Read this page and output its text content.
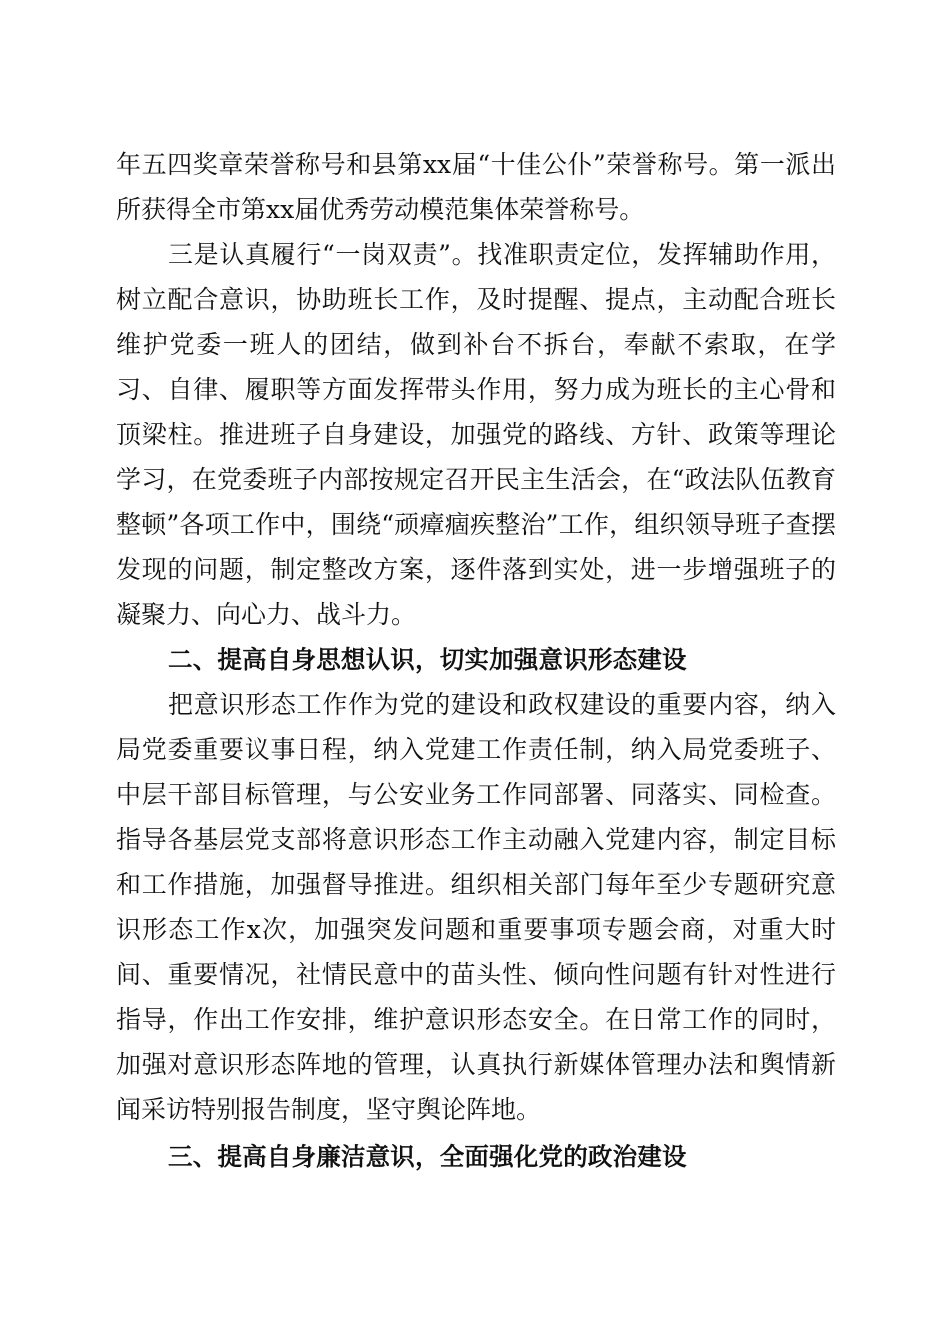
年五四奖章荣誉称号和县第xx届“十佳公仆”荣誉称号。第一派出所获得全市第xx届优秀劳动模范集体荣誉称号。

三是认真履行“一岗双责”。找准职责定位，发挥辅助作用，树立配合意识，协助班长工作，及时提醒、提点，主动配合班长维护党委一班人的团结，做到补台不拆台，奉献不索取，在学习、自律、履职等方面发挥带头作用，努力成为班长的主心骨和顶梁柱。推进班子自身建设，加强党的路线、方针、政策等理论学习，在党委班子内部按规定召开民主生活会，在“政法队伍教育整顿”各项工作中，围绕“顽瘴痼疾整治”工作，组织领导班子查摆发现的问题，制定整改方案，逐件落到实处，进一步增强班子的凝聚力、向心力、战斗力。

二、提高自身思想认识，切实加强意识形态建设

把意识形态工作作为党的建设和政权建设的重要内容，纳入局党委重要议事日程，纳入党建工作责任制，纳入局党委班子、中层干部目标管理，与公安业务工作同部署、同落实、同检查。指导各基层党支部将意识形态工作主动融入党建内容，制定目标和工作措施，加强督导推进。组织相关部门每年至少专题研究意识形态工作x次，加强突发问题和重要事项专题会商，对重大时间、重要情况，社情民意中的苗头性、倾向性问题有针对性进行指导，作出工作安排，维护意识形态安全。在日常工作的同时，加强对意识形态阵地的管理，认真执行新媒体管理办法和舆情新闻采访特别报告制度，坚守舆论阵地。

三、提高自身廉洁意识，全面强化党的政治建设
